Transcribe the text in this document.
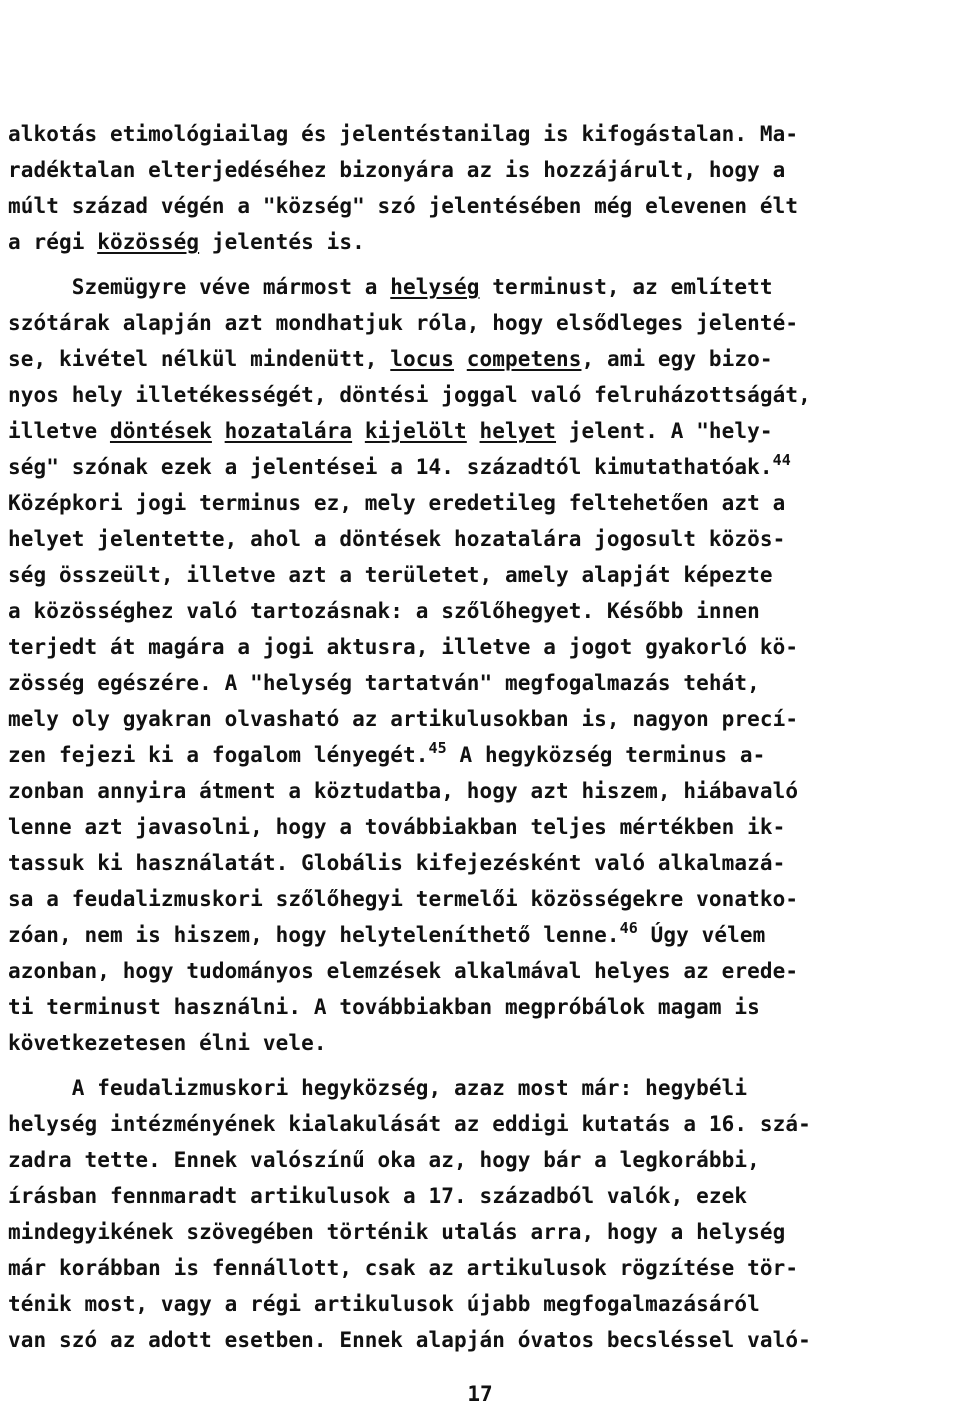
alkotás etimológiailag és jelentéstanilag is kifogástalan. Ma-
radéktalan elterjedéséhez bizonyára az is hozzájárult, hogy a
múlt század végén a "község" szó jelentésében még elevenen élt
a régi közösség jelentés is.
Szemügyre véve mármost a helység terminust, az említett
szótárak alapján azt mondhatjuk róla, hogy elsődleges jelenté-
se, kivétel nélkül mindenütt, locus competens, ami egy bizo-
nyos hely illetékességét, döntési joggal való felruházottságát,
illetve döntések hozatalára kijelölt helyet jelent. A "hely-
ség" szónak ezek a jelentései a 14. századtól kimutathatóak.$^{44}$
Középkori jogi terminus ez, mely eredetileg feltehetően azt a
helyet jelentette, ahol a döntések hozatalára jogosult közös-
ség összeült, illetve azt a területet, amely alapját képezte
a közösséghez való tartozásnak: a szőlőhegyet. Később innen
terjedt át magára a jogi aktusra, illetve a jogot gyakorló kö-
zösség egészére. A "helység tartatván" megfogalmazás tehát,
mely oly gyakran olvasható az artikulusokban is, nagyon precí-
zen fejezi ki a fogalom lényegét.$^{45}$ A hegyközség terminus a-
zonban annyira átment a köztudatba, hogy azt hiszem, hiábavaló
lenne azt javasolni, hogy a továbbiakban teljes mértékben ik-
tassuk ki használatát. Globális kifejezésként való alkalmazá-
sa a feudalizmuskori szőlőhegyi termelői közösségekre vonatko-
zóan, nem is hiszem, hogy helyteleníthető lenne.$^{46}$ Úgy vélem
azonban, hogy tudományos elemzések alkalmával helyes az erede-
ti terminust használni. A továbbiakban megpróbálok magam is
következetesen élni vele.
A feudalizmuskori hegyközség, azaz most már: hegybéli
helység intézményének kialakulását az eddigi kutatás a 16. szá-
zadra tette. Ennek valószínű oka az, hogy bár a legkorábbi,
írásban fennmaradt artikulusok a 17. századból valók, ezek
mindegyikének szövegében történik utalás arra, hogy a helység
már korábban is fennállott, csak az artikulusok rögzítése tör-
ténik most, vagy a régi artikulusok újabb megfogalmazásáról
van szó az adott esetben. Ennek alapján óvatos becsléssel való-
17
